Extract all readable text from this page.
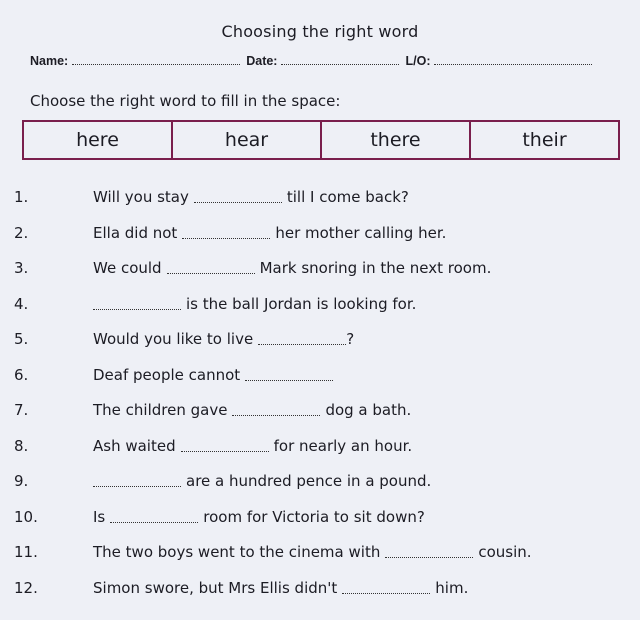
Choosing the right word
Name:	Date:	L/O:
Choose the right word to fill in the space:
here	hear	there	their
1.	Will you stay	till I come back?
2.	Ella did not	her mother calling her.
3.	We could	Mark snoring in the next room.
4.	is the ball Jordan is looking for.
5.	Would you like to live	?
6.	Deaf people cannot
7.	The children gave	dog a bath.
8.	Ash waited	for nearly an hour.
9.	are a hundred pence in a pound.
10.	Is	room for Victoria to sit down?
11.	The two boys went to the cinema with	cousin.
12.	Simon swore, but Mrs Ellis didn't	him.
